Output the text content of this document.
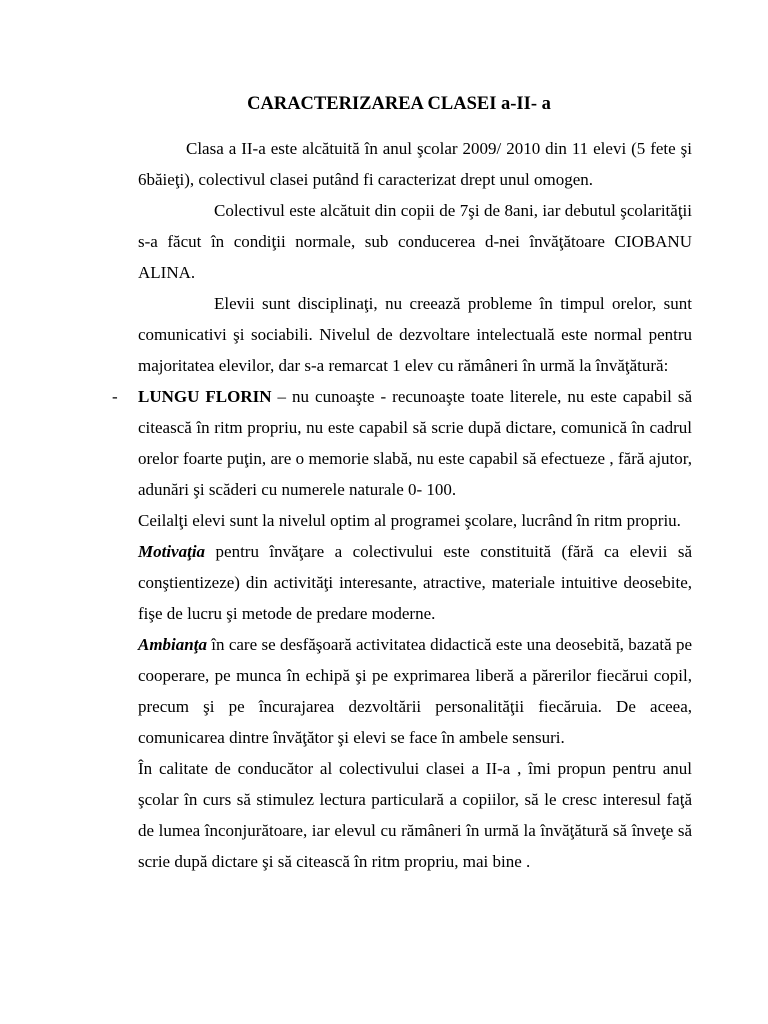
CARACTERIZAREA CLASEI a-II- a

Clasa a II-a este alcătuită în anul şcolar 2009/ 2010 din 11 elevi (5 fete şi 6băieţi), colectivul clasei putând fi caracterizat drept unul omogen.

Colectivul este alcătuit din copii de 7şi de 8ani, iar debutul şcolarităţii s-a făcut în condiţii normale, sub conducerea d-nei învăţătoare CIOBANU ALINA.

Elevii sunt disciplinaţi, nu creează probleme în timpul orelor, sunt comunicativi şi sociabili. Nivelul de dezvoltare intelectuală este normal pentru majoritatea elevilor, dar s-a remarcat 1 elev cu rămâneri în urmă la învăţătură:

- LUNGU FLORIN – nu cunoaşte - recunoaşte toate literele, nu este capabil să citească în ritm propriu, nu este capabil să scrie după dictare, comunică în cadrul orelor foarte puţin, are o memorie slabă, nu este capabil să efectueze , fără ajutor, adunări şi scăderi cu numerele naturale 0- 100.

Ceilalţi elevi sunt la nivelul optim al programei şcolare, lucrând în ritm propriu.

Motivaţia pentru învăţare a colectivului este constituită (fără ca elevii să conştientizeze) din activităţi interesante, atractive, materiale intuitive deosebite, fişe de lucru şi metode de predare moderne.

Ambianţa în care se desfăşoară activitatea didactică este una deosebită, bazată pe cooperare, pe munca în echipă şi pe exprimarea liberă a părerilor fiecărui copil, precum şi pe încurajarea dezvoltării personalităţii fiecăruia. De aceea, comunicarea dintre învăţător şi elevi se face în ambele sensuri.

În calitate de conducător al colectivului clasei a II-a , îmi propun pentru anul şcolar în curs să stimulez lectura particulară a copiilor, să le cresc interesul faţă de lumea înconjurătoare, iar elevul cu rămâneri în urmă la învăţătură să înveţe să scrie după dictare şi să citească în ritm propriu, mai bine .
